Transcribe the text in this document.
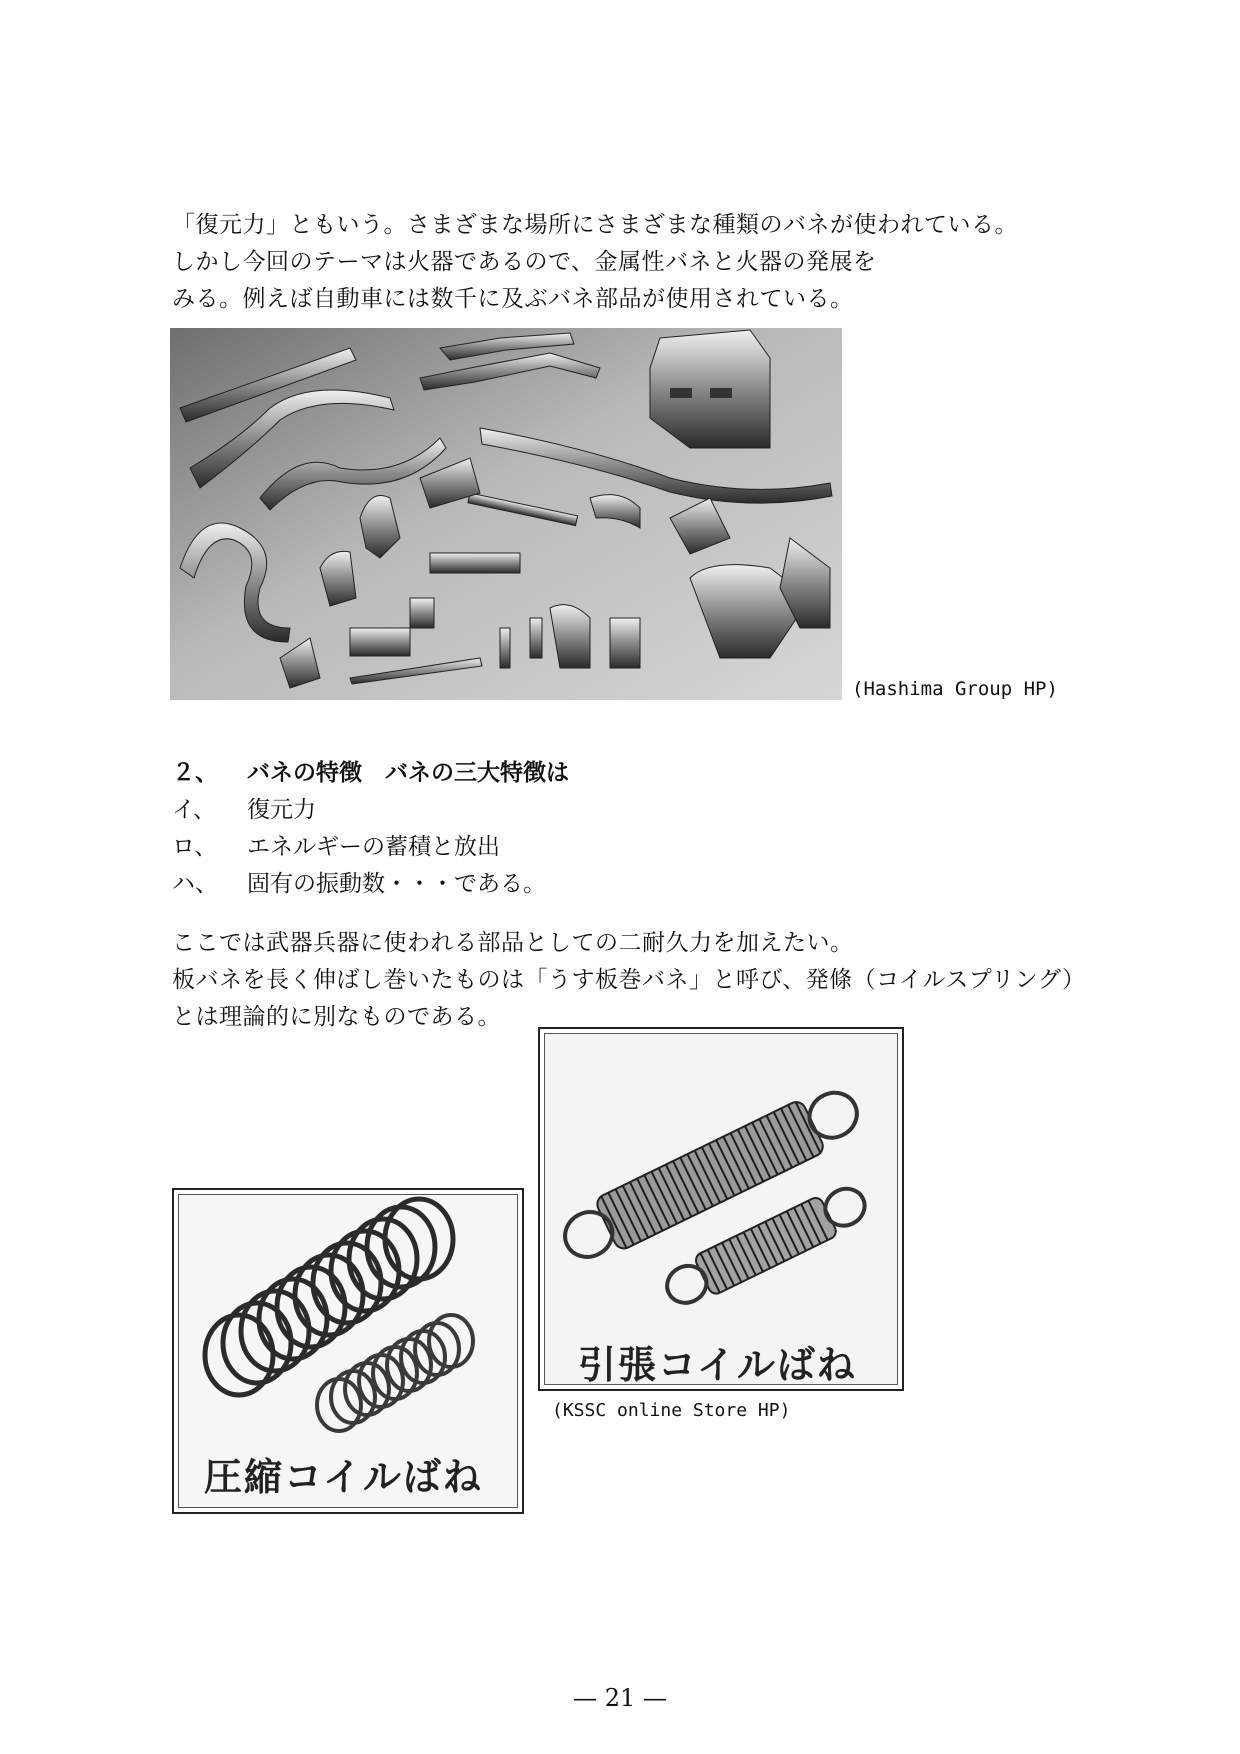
「復元力」ともいう。さまざまな場所にさまざまな種類のバネが使われている。

しかし今回のテーマは火器であるので、金属性バネと火器の発展を

みる。例えば自動車には数千に及ぶバネ部品が使用されている。

(Hashima Group HP)
２、	バネの特徴　バネの三大特徴は
イ、	復元力
ロ、	エネルギーの蓄積と放出
ハ、	固有の振動数・・・である。

ここでは武器兵器に使われる部品としての二耐久力を加えたい。

板バネを長く伸ばし巻いたものは「うす板巻バネ」と呼び、発條（コイルスプリング）

とは理論的に別なものである。

引張コイルばね
(KSSC online Store HP)
圧縮コイルばね
— 21 —
